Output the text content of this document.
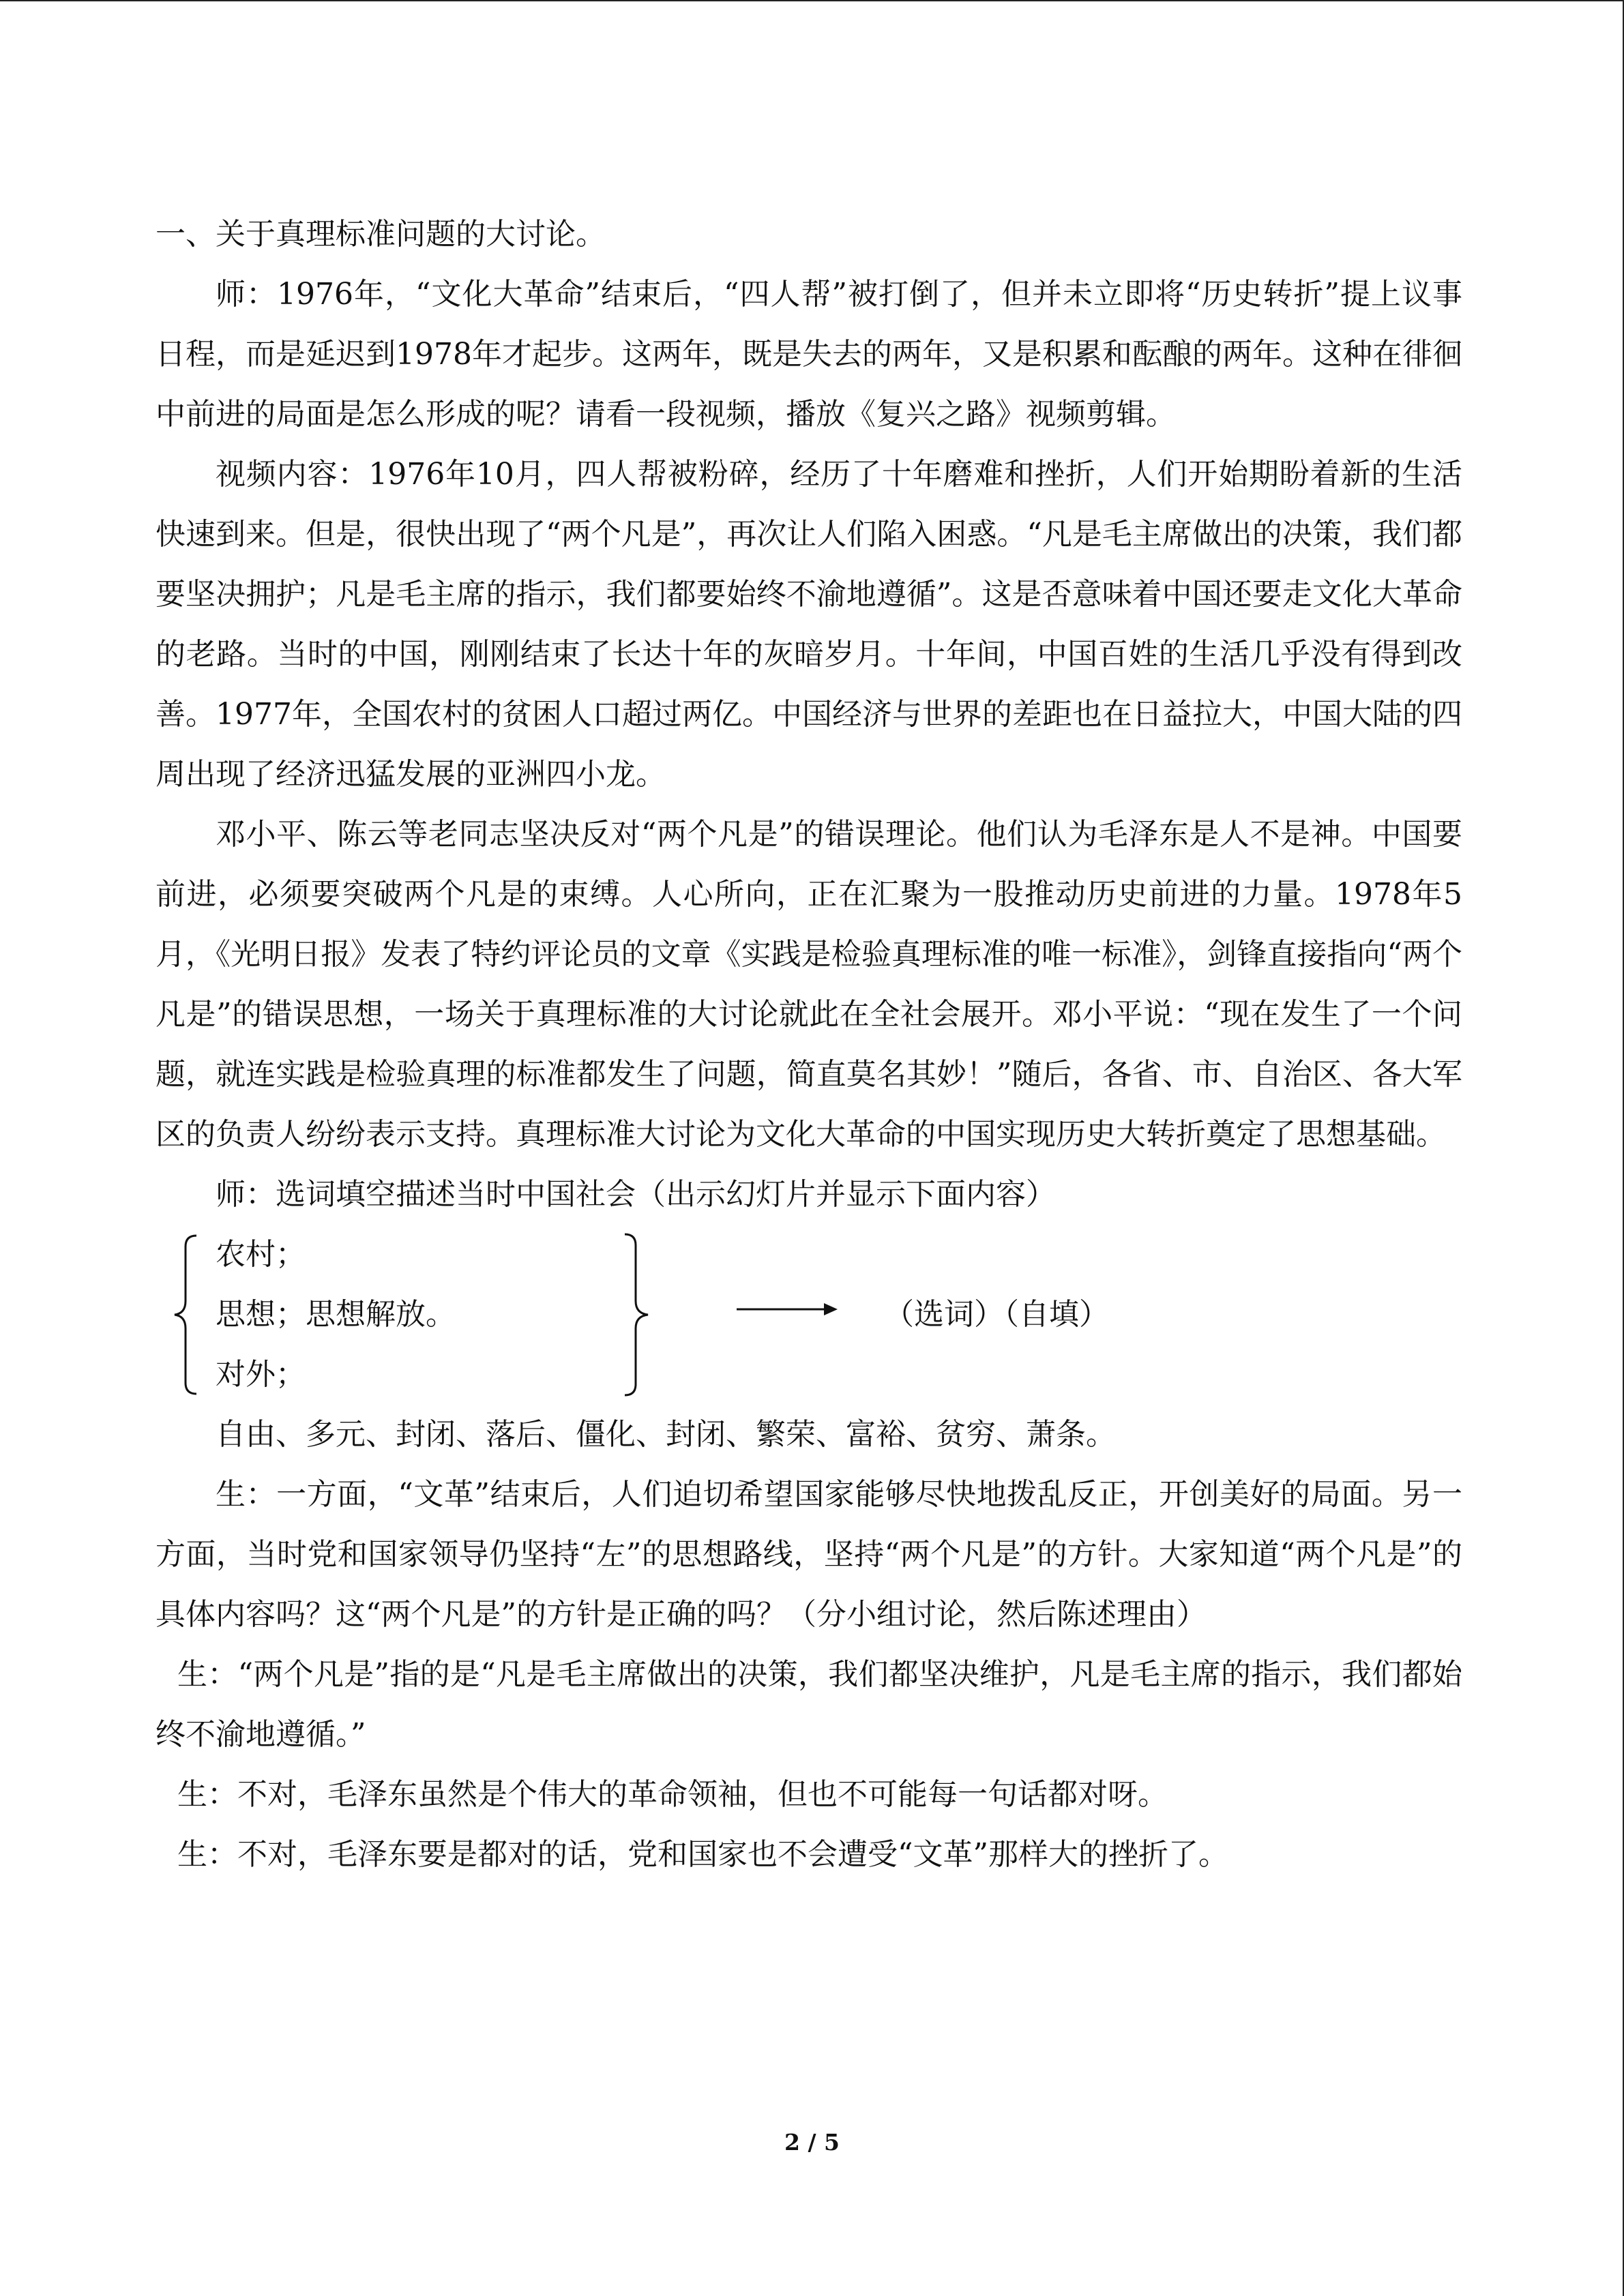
一、关于真理标准问题的大讨论。

师：1976年，“文化大革命”结束后，“四人帮”被打倒了，但并未立即将“历史转折”提上议事日程，而是延迟到1978年才起步。这两年，既是失去的两年，又是积累和酝酿的两年。这种在徘徊中前进的局面是怎么形成的呢？请看一段视频，播放《复兴之路》视频剪辑。

视频内容：1976年10月，四人帮被粉碎，经历了十年磨难和挫折，人们开始期盼着新的生活快速到来。但是，很快出现了“两个凡是”，再次让人们陷入困惑。“凡是毛主席做出的决策，我们都要坚决拥护；凡是毛主席的指示，我们都要始终不渝地遵循”。这是否意味着中国还要走文化大革命的老路。当时的中国，刚刚结束了长达十年的灰暗岁月。十年间，中国百姓的生活几乎没有得到改善。1977年，全国农村的贫困人口超过两亿。中国经济与世界的差距也在日益拉大，中国大陆的四周出现了经济迅猛发展的亚洲四小龙。

邓小平、陈云等老同志坚决反对“两个凡是”的错误理论。他们认为毛泽东是人不是神。中国要前进，必须要突破两个凡是的束缚。人心所向，正在汇聚为一股推动历史前进的力量。1978年5月，《光明日报》发表了特约评论员的文章《实践是检验真理标准的唯一标准》，剑锋直接指向“两个凡是”的错误思想，一场关于真理标准的大讨论就此在全社会展开。邓小平说：“现在发生了一个问题，就连实践是检验真理的标准都发生了问题，简直莫名其妙！”随后，各省、市、自治区、各大军区的负责人纷纷表示支持。真理标准大讨论为文化大革命的中国实现历史大转折奠定了思想基础。

师：选词填空描述当时中国社会（出示幻灯片并显示下面内容）

农村；
思想；思想解放。
对外；
（选词）（自填）

自由、多元、封闭、落后、僵化、封闭、繁荣、富裕、贫穷、萧条。

生：一方面，“文革”结束后，人们迫切希望国家能够尽快地拨乱反正，开创美好的局面。另一方面，当时党和国家领导仍坚持“左”的思想路线，坚持“两个凡是”的方针。大家知道“两个凡是”的具体内容吗？这“两个凡是”的方针是正确的吗？（分小组讨论，然后陈述理由）

生：“两个凡是”指的是“凡是毛主席做出的决策，我们都坚决维护，凡是毛主席的指示，我们都始终不渝地遵循。”

生：不对，毛泽东虽然是个伟大的革命领袖，但也不可能每一句话都对呀。

生：不对，毛泽东要是都对的话，党和国家也不会遭受“文革”那样大的挫折了。

2 / 5
